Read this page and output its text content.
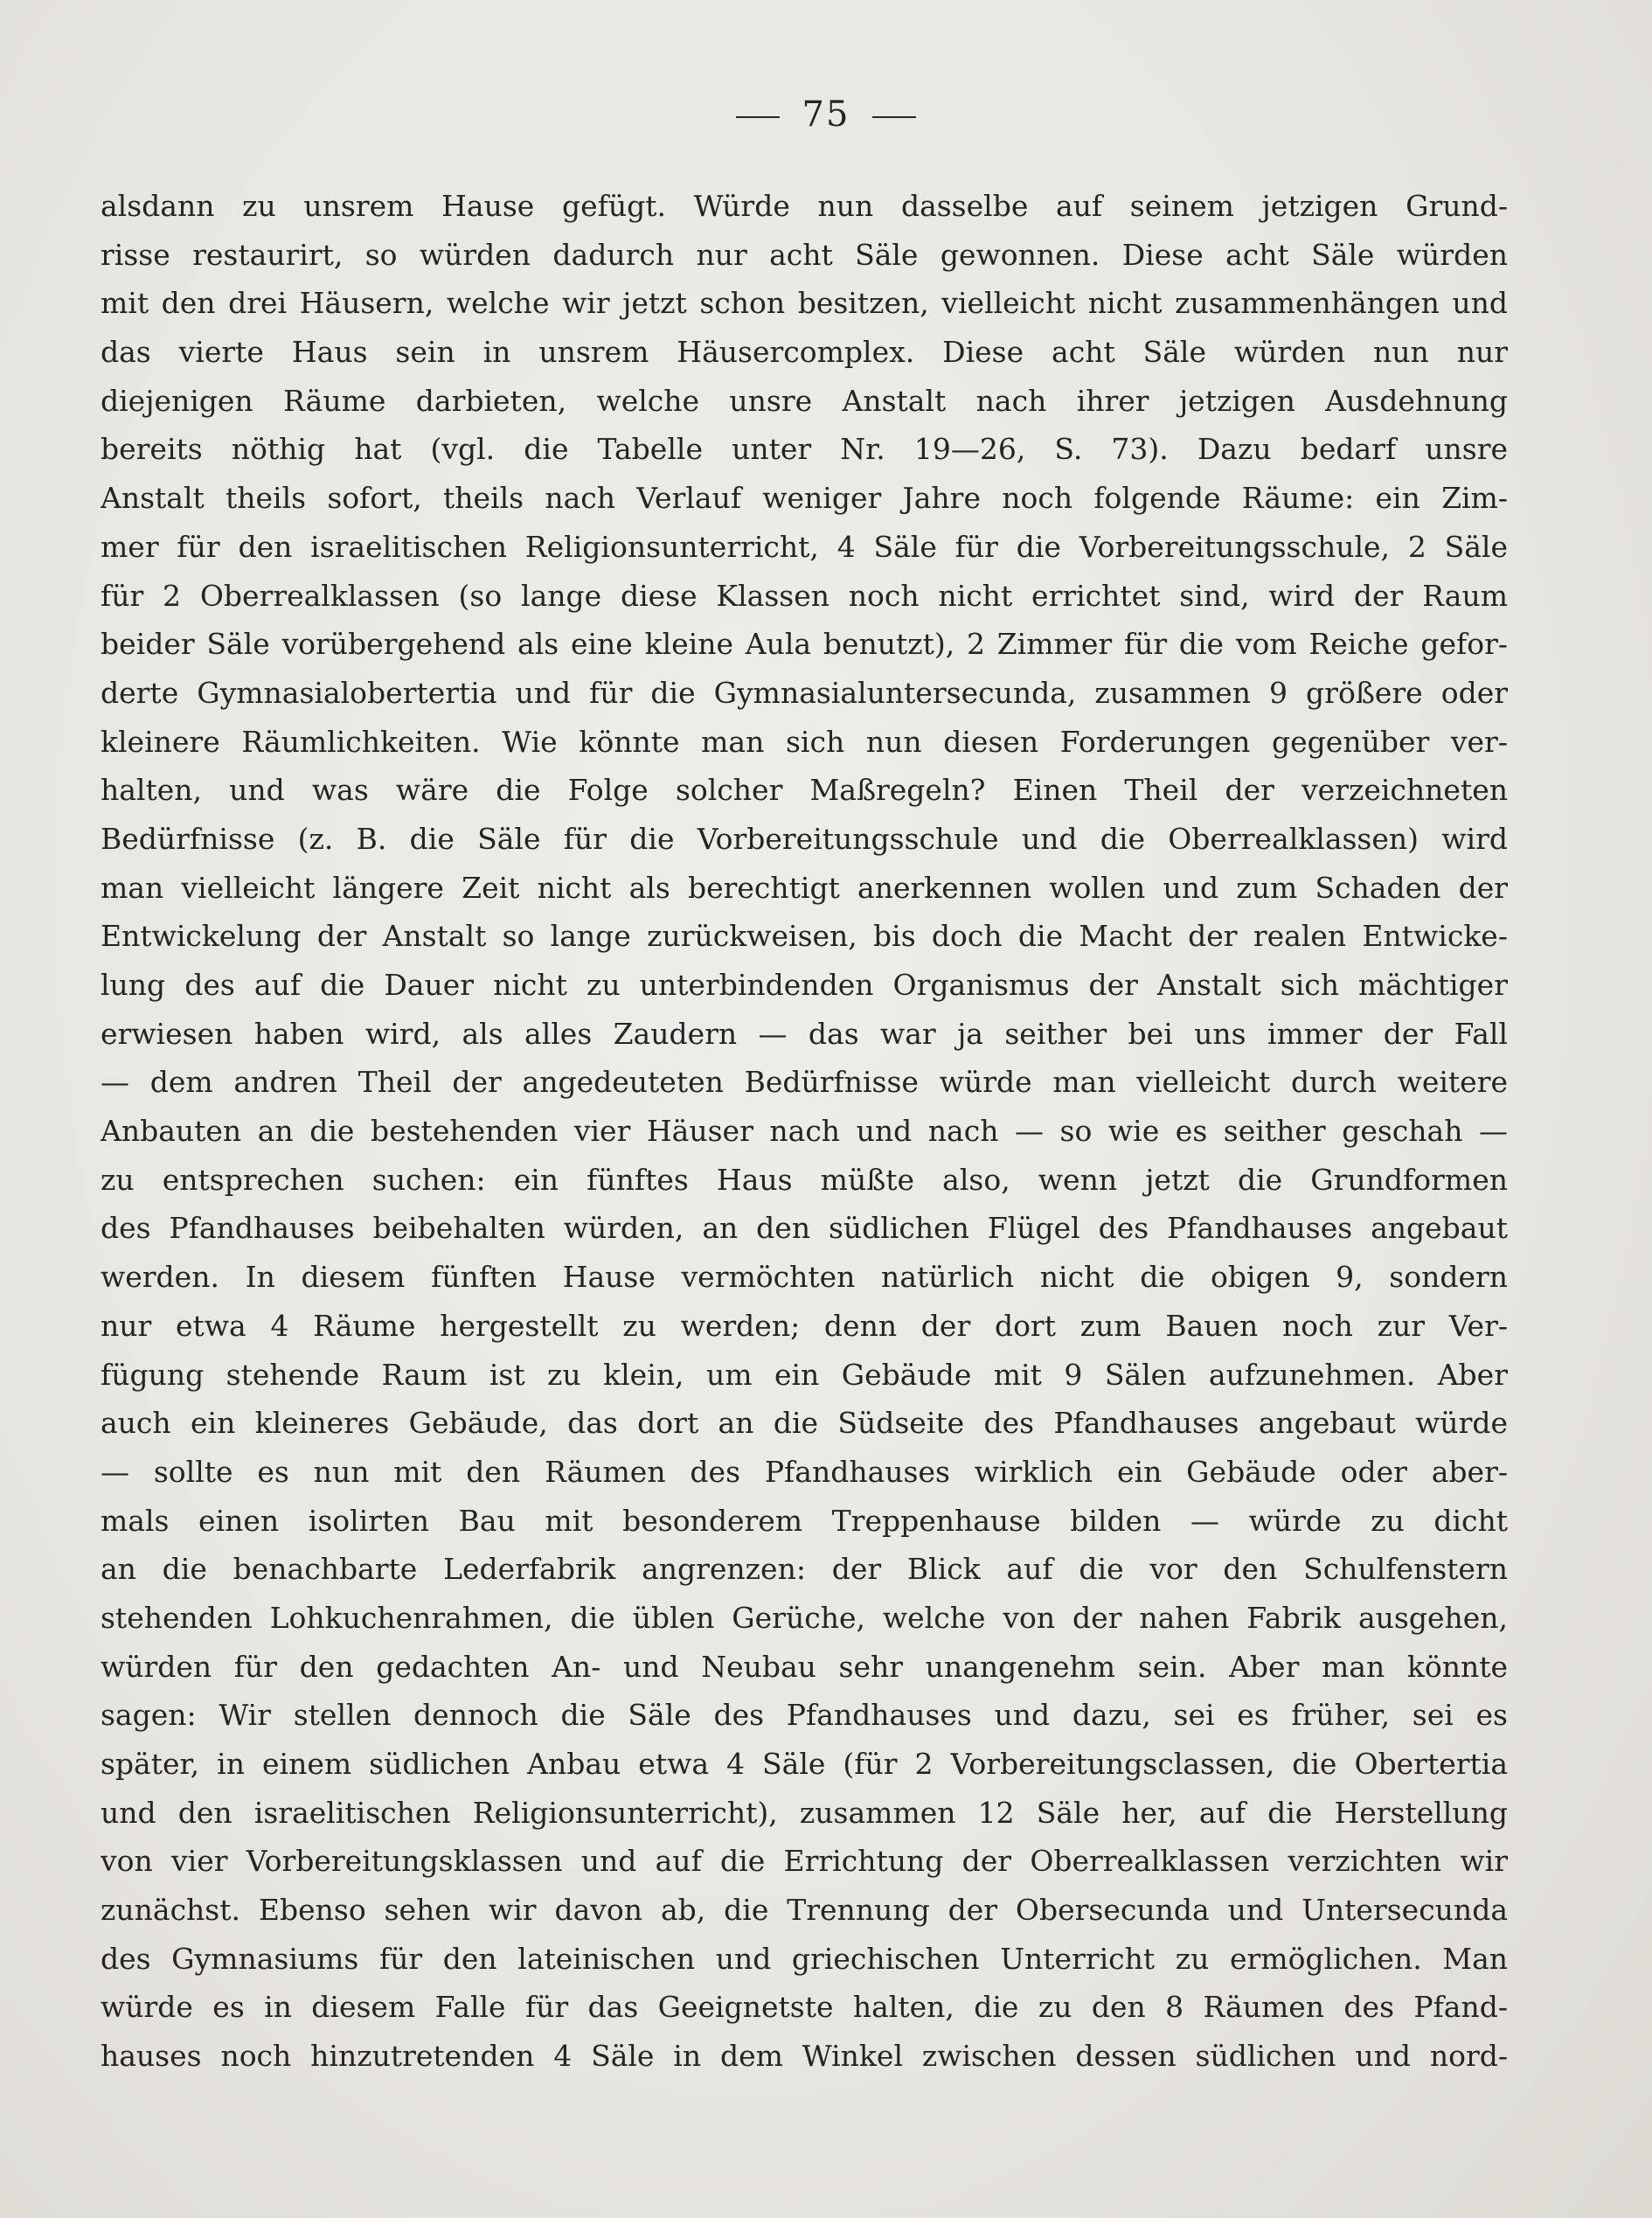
75
alsdann zu unsrem Hause gefügt. Würde nun dasselbe auf seinem jetzigen Grund-
risse restaurirt, so würden dadurch nur acht Säle gewonnen. Diese acht Säle würden
mit den drei Häusern, welche wir jetzt schon besitzen, vielleicht nicht zusammenhängen und
das vierte Haus sein in unsrem Häusercomplex. Diese acht Säle würden nun nur
diejenigen Räume darbieten, welche unsre Anstalt nach ihrer jetzigen Ausdehnung
bereits nöthig hat (vgl. die Tabelle unter Nr. 19—26, S. 73). Dazu bedarf unsre
Anstalt theils sofort, theils nach Verlauf weniger Jahre noch folgende Räume: ein Zim-
mer für den israelitischen Religionsunterricht, 4 Säle für die Vorbereitungsschule, 2 Säle
für 2 Oberrealklassen (so lange diese Klassen noch nicht errichtet sind, wird der Raum
beider Säle vorübergehend als eine kleine Aula benutzt), 2 Zimmer für die vom Reiche gefor-
derte Gymnasialobertertia und für die Gymnasialuntersecunda, zusammen 9 größere oder
kleinere Räumlichkeiten. Wie könnte man sich nun diesen Forderungen gegenüber ver-
halten, und was wäre die Folge solcher Maßregeln? Einen Theil der verzeichneten
Bedürfnisse (z. B. die Säle für die Vorbereitungsschule und die Oberrealklassen) wird
man vielleicht längere Zeit nicht als berechtigt anerkennen wollen und zum Schaden der
Entwickelung der Anstalt so lange zurückweisen, bis doch die Macht der realen Entwicke-
lung des auf die Dauer nicht zu unterbindenden Organismus der Anstalt sich mächtiger
erwiesen haben wird, als alles Zaudern — das war ja seither bei uns immer der Fall
— dem andren Theil der angedeuteten Bedürfnisse würde man vielleicht durch weitere
Anbauten an die bestehenden vier Häuser nach und nach — so wie es seither geschah —
zu entsprechen suchen: ein fünftes Haus müßte also, wenn jetzt die Grundformen
des Pfandhauses beibehalten würden, an den südlichen Flügel des Pfandhauses angebaut
werden. In diesem fünften Hause vermöchten natürlich nicht die obigen 9, sondern
nur etwa 4 Räume hergestellt zu werden; denn der dort zum Bauen noch zur Ver-
fügung stehende Raum ist zu klein, um ein Gebäude mit 9 Sälen aufzunehmen. Aber
auch ein kleineres Gebäude, das dort an die Südseite des Pfandhauses angebaut würde
— sollte es nun mit den Räumen des Pfandhauses wirklich ein Gebäude oder aber-
mals einen isolirten Bau mit besonderem Treppenhause bilden — würde zu dicht
an die benachbarte Lederfabrik angrenzen: der Blick auf die vor den Schulfenstern
stehenden Lohkuchenrahmen, die üblen Gerüche, welche von der nahen Fabrik ausgehen,
würden für den gedachten An- und Neubau sehr unangenehm sein. Aber man könnte
sagen: Wir stellen dennoch die Säle des Pfandhauses und dazu, sei es früher, sei es
später, in einem südlichen Anbau etwa 4 Säle (für 2 Vorbereitungsclassen, die Obertertia
und den israelitischen Religionsunterricht), zusammen 12 Säle her, auf die Herstellung
von vier Vorbereitungsklassen und auf die Errichtung der Oberrealklassen verzichten wir
zunächst. Ebenso sehen wir davon ab, die Trennung der Obersecunda und Untersecunda
des Gymnasiums für den lateinischen und griechischen Unterricht zu ermöglichen. Man
würde es in diesem Falle für das Geeignetste halten, die zu den 8 Räumen des Pfand-
hauses noch hinzutretenden 4 Säle in dem Winkel zwischen dessen südlichen und nord-
